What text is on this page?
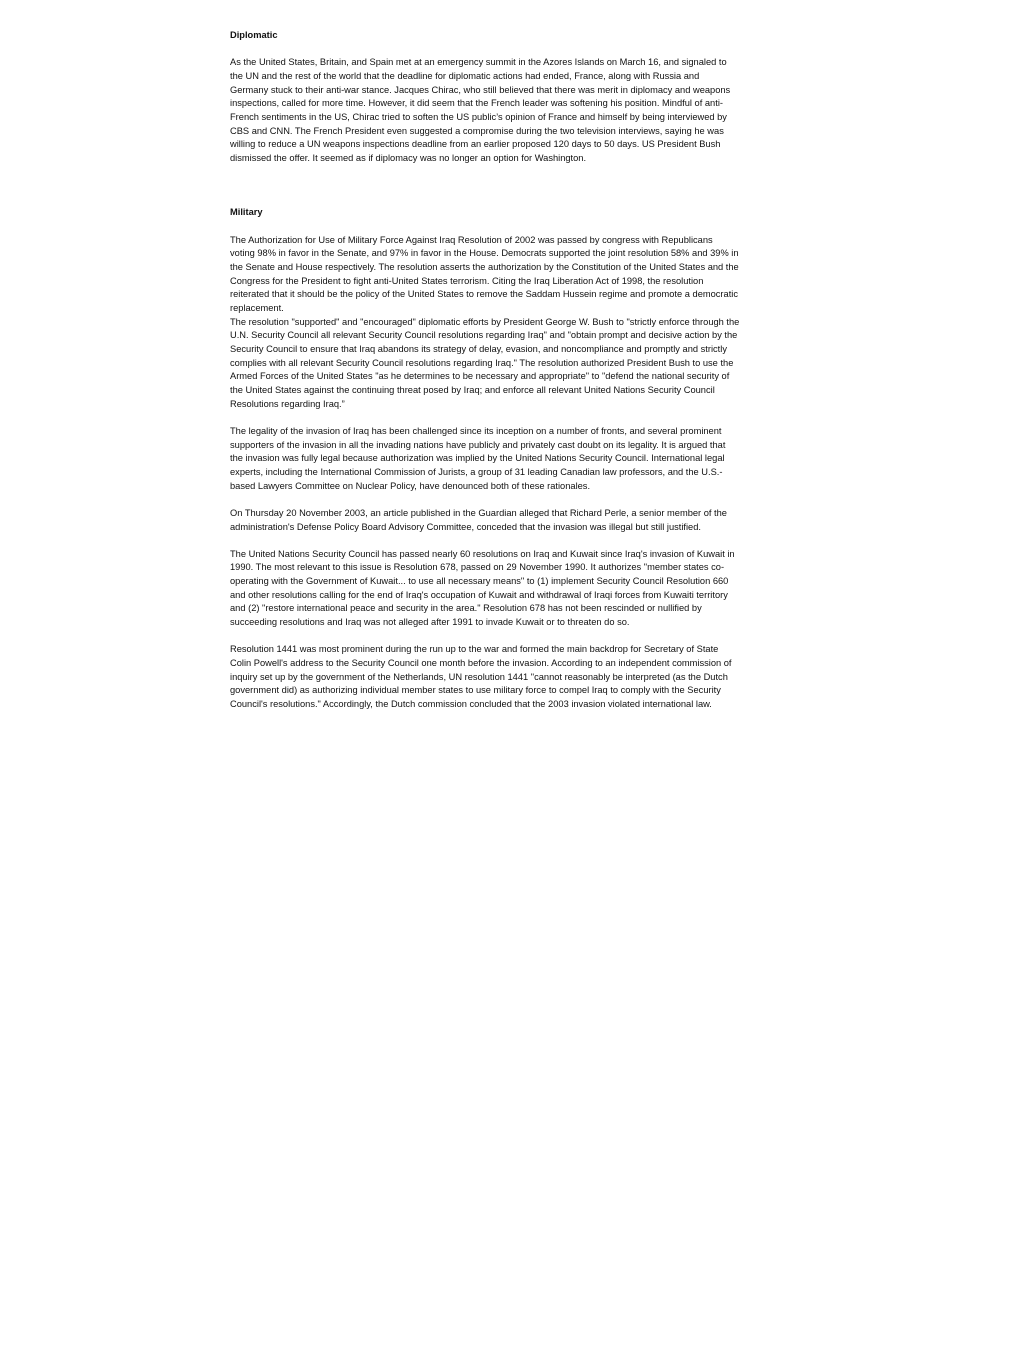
Diplomatic

As the United States, Britain, and Spain met at an emergency summit in the Azores Islands on March 16, and signaled to the UN and the rest of the world that the deadline for diplomatic actions had ended, France, along with Russia and Germany stuck to their anti-war stance. Jacques Chirac, who still believed that there was merit in diplomacy and weapons inspections, called for more time. However, it did seem that the French leader was softening his position. Mindful of anti-French sentiments in the US, Chirac tried to soften the US public’s opinion of France and himself by being interviewed by CBS and CNN. The French President even suggested a compromise during the two television interviews, saying he was willing to reduce a UN weapons inspections deadline from an earlier proposed 120 days to 50 days. US President Bush dismissed the offer. It seemed as if diplomacy was no longer an option for Washington.

Military

The Authorization for Use of Military Force Against Iraq Resolution of 2002 was passed by congress with Republicans voting 98% in favor in the Senate, and 97% in favor in the House. Democrats supported the joint resolution 58% and 39% in the Senate and House respectively. The resolution asserts the authorization by the Constitution of the United States and the Congress for the President to fight anti-United States terrorism. Citing the Iraq Liberation Act of 1998, the resolution reiterated that it should be the policy of the United States to remove the Saddam Hussein regime and promote a democratic replacement.

The resolution "supported" and "encouraged" diplomatic efforts by President George W. Bush to "strictly enforce through the U.N. Security Council all relevant Security Council resolutions regarding Iraq" and "obtain prompt and decisive action by the Security Council to ensure that Iraq abandons its strategy of delay, evasion, and noncompliance and promptly and strictly complies with all relevant Security Council resolutions regarding Iraq." The resolution authorized President Bush to use the Armed Forces of the United States "as he determines to be necessary and appropriate" to "defend the national security of the United States against the continuing threat posed by Iraq; and enforce all relevant United Nations Security Council Resolutions regarding Iraq.”

The legality of the invasion of Iraq has been challenged since its inception on a number of fronts, and several prominent supporters of the invasion in all the invading nations have publicly and privately cast doubt on its legality. It is argued that the invasion was fully legal because authorization was implied by the United Nations Security Council. International legal experts, including the International Commission of Jurists, a group of 31 leading Canadian law professors, and the U.S.-based Lawyers Committee on Nuclear Policy, have denounced both of these rationales.

On Thursday 20 November 2003, an article published in the Guardian alleged that Richard Perle, a senior member of the administration's Defense Policy Board Advisory Committee, conceded that the invasion was illegal but still justified.

The United Nations Security Council has passed nearly 60 resolutions on Iraq and Kuwait since Iraq's invasion of Kuwait in 1990. The most relevant to this issue is Resolution 678, passed on 29 November 1990. It authorizes "member states co-operating with the Government of Kuwait... to use all necessary means" to (1) implement Security Council Resolution 660 and other resolutions calling for the end of Iraq's occupation of Kuwait and withdrawal of Iraqi forces from Kuwaiti territory and (2) "restore international peace and security in the area." Resolution 678 has not been rescinded or nullified by succeeding resolutions and Iraq was not alleged after 1991 to invade Kuwait or to threaten do so.

Resolution 1441 was most prominent during the run up to the war and formed the main backdrop for Secretary of State Colin Powell's address to the Security Council one month before the invasion. According to an independent commission of inquiry set up by the government of the Netherlands, UN resolution 1441 "cannot reasonably be interpreted (as the Dutch government did) as authorizing individual member states to use military force to compel Iraq to comply with the Security Council's resolutions." Accordingly, the Dutch commission concluded that the 2003 invasion violated international law.
